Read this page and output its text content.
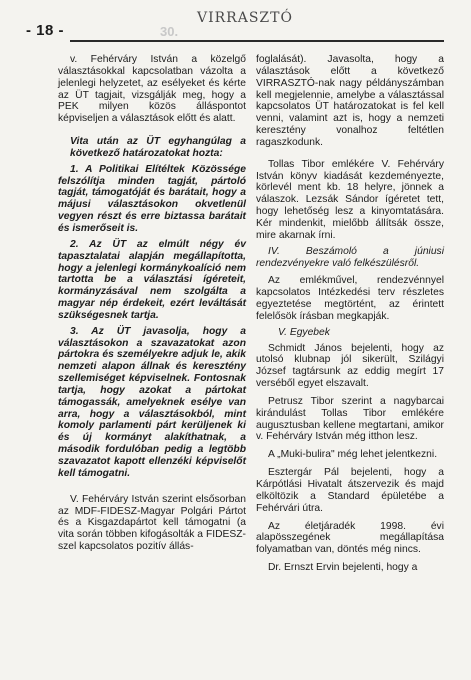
- 18 -	30.
VIRRASZTÓ

v. Fehérváry István a közelgő választásokkal kapcsolatban vázolta a jelenlegi helyzetet, az esélyeket és kérte az ÜT tagjait, vizsgálják meg, hogy a PEK milyen közös álláspontot képviseljen a választások előtt és alatt.

Vita után az ÜT egyhangúlag a következő határozatokat hozta:

1. A Politikai Elítéltek Közössége felszólítja minden tagját, pártoló tagját, támogatóját és barátait, hogy a májusi választásokon okvetlenül vegyen részt és erre biztassa barátait és ismerőseit is.

2. Az ÜT az elmúlt négy év tapasztalatai alapján megállapította, hogy a jelenlegi kormánykoalíció nem tartotta be a választási ígéreteit, kormányzásával nem szolgálta a magyar nép érdekeit, ezért leváltását szükségesnek tartja.

3. Az ÜT javasolja, hogy a választásokon a szavazatokat azon pártokra és személyekre adjuk le, akik nemzeti alapon állnak és keresztény szellemiséget képviselnek. Fontosnak tartja, hogy azokat a pártokat támogassák, amelyeknek esélye van arra, hogy a választásokból, mint komoly parlamenti párt kerüljenek ki és új kormányt alakíthatnak, a második fordulóban pedig a legtöbb szavazatot kapott ellenzéki képviselőt kell támogatni.

V. Fehérváry István szerint elsősorban az MDF-FIDESZ-Magyar Polgári Pártot és a Kisgazdapártot kell támogatni (a vita során többen kifogásolták a FIDESZ-szel kapcsolatos pozitív állás-

foglalását). Javasolta, hogy a választások előtt a következő VIRRASZTÓ-nak nagy példányszámban kell megjelennie, amelybe a választással kapcsolatos ÜT határozatokat is fel kell venni, valamint azt is, hogy a nemzeti keresztény vonalhoz feltétlen ragaszkodunk.

Tollas Tibor emlékére V. Fehérváry István könyv kiadását kezdeményezte, körlevél ment kb. 18 helyre, jönnek a válaszok. Lezsák Sándor ígéretet tett, hogy lehetőség lesz a kinyomtatására. Kér mindenkit, mielőbb állítsák össze, mire akarnak írni.

IV. Beszámoló a júniusi rendezvényekre való felkészülésről.

Az emlékművel, rendezvénnyel kapcsolatos Intézkedési terv részletes egyeztetése megtörtént, az érintett felelősök írásban megkapják.

V. Egyebek

Schmidt János bejelenti, hogy az utolsó klubnap jól sikerült, Szilágyi József tagtársunk az eddig megírt 17 verséből egyet elszavalt.

Petrusz Tibor szerint a nagybarcai kirándulást Tollas Tibor emlékére augusztusban kellene megtartani, amikor v. Fehérváry István még itthon lesz.

A „Muki-bulira" még lehet jelentkezni.

Esztergár Pál bejelenti, hogy a Kárpótlási Hivatalt átszervezik és majd elköltözik a Standard épületébe a Fehérvári útra.

Az életjáradék 1998. évi alapösszegének megállapítása folyamatban van, döntés még nincs.

Dr. Ernszt Ervin bejelenti, hogy a
